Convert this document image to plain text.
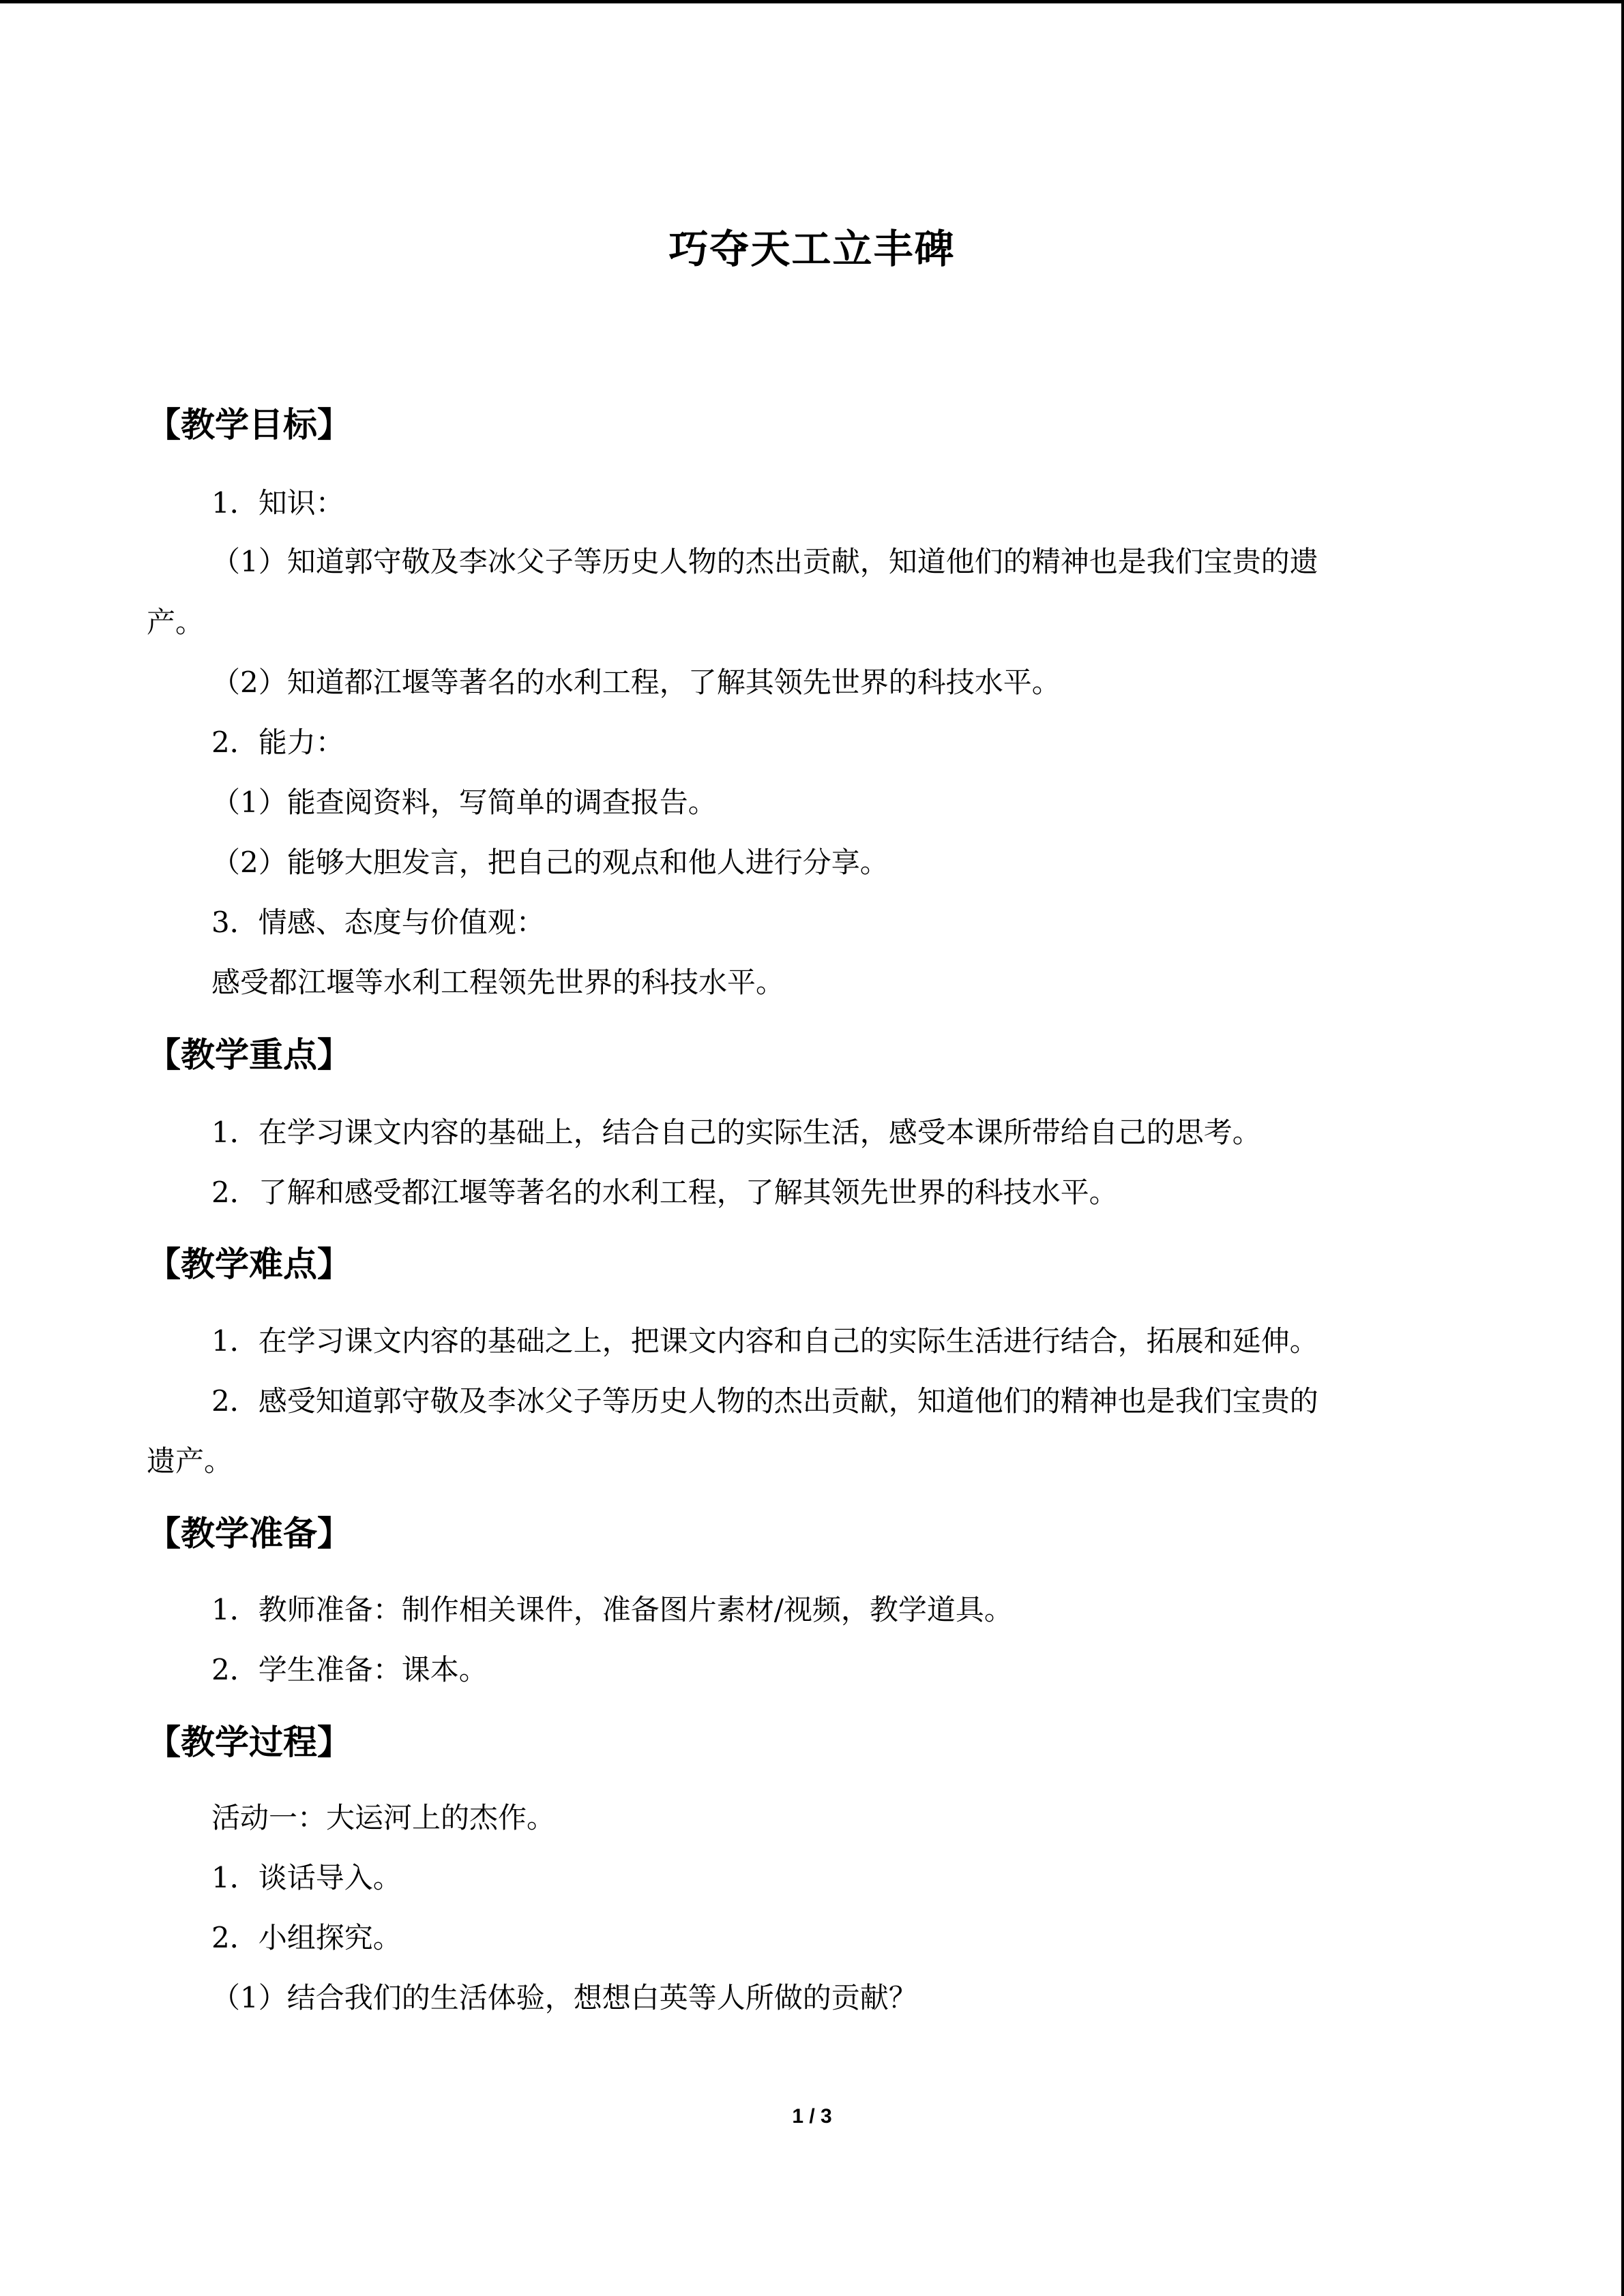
巧夺天工立丰碑
【教学目标】
1．知识：
（1）知道郭守敬及李冰父子等历史人物的杰出贡献，知道他们的精神也是我们宝贵的遗
产。
（2）知道都江堰等著名的水利工程，了解其领先世界的科技水平。
2．能力：
（1）能查阅资料，写简单的调查报告。
（2）能够大胆发言，把自己的观点和他人进行分享。
3．情感、态度与价值观：
感受都江堰等水利工程领先世界的科技水平。
【教学重点】
1．在学习课文内容的基础上，结合自己的实际生活，感受本课所带给自己的思考。
2．了解和感受都江堰等著名的水利工程，了解其领先世界的科技水平。
【教学难点】
1．在学习课文内容的基础之上，把课文内容和自己的实际生活进行结合，拓展和延伸。
2．感受知道郭守敬及李冰父子等历史人物的杰出贡献，知道他们的精神也是我们宝贵的
遗产。
【教学准备】
1．教师准备：制作相关课件，准备图片素材/视频，教学道具。
2．学生准备：课本。
【教学过程】
活动一：大运河上的杰作。
1．谈话导入。
2．小组探究。
（1）结合我们的生活体验，想想白英等人所做的贡献？
1 / 3
